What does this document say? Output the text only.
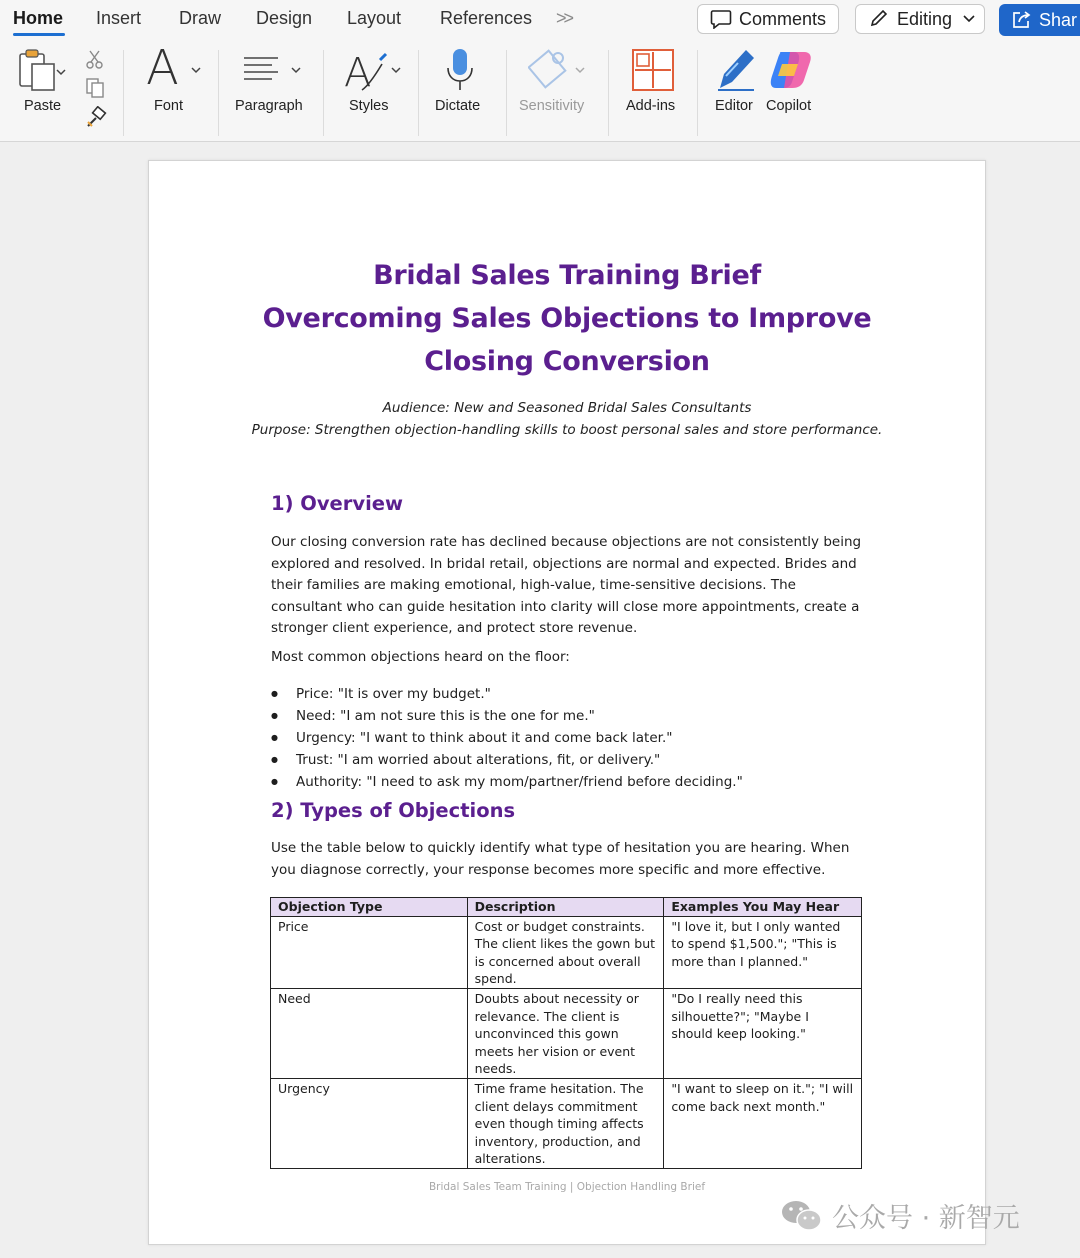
Home Insert Draw Design Layout References >>	Comments	Editing	Shar
Paste
A
Font	Paragraph
A
Styles	Dictate	Sensitivity	Add-ins	Editor Copilot
Bridal Sales Training Brief
Overcoming Sales Objections to Improve
Closing Conversion
Audience: New and Seasoned Bridal Sales Consultants
Purpose: Strengthen objection-handling skills to boost personal sales and store performance.
1) Overview
Our closing conversion rate has declined because objections are not consistently being explored and resolved. In bridal retail, objections are normal and expected. Brides and their families are making emotional, high-value, time-sensitive decisions. The consultant who can guide hesitation into clarity will close more appointments, create a stronger client experience, and protect store revenue.
Most common objections heard on the floor:
● Price: "It is over my budget."
● Need: "I am not sure this is the one for me."
● Urgency: "I want to think about it and come back later."
● Trust: "I am worried about alterations, fit, or delivery."
● Authority: "I need to ask my mom/partner/friend before deciding."
2) Types of Objections
Use the table below to quickly identify what type of hesitation you are hearing. When you diagnose correctly, your response becomes more specific and more effective.
Objection Type	Description	Examples You May Hear
Price	Cost or budget constraints. The client likes the gown but is concerned about overall spend.	"I love it, but I only wanted to spend $1,500."; "This is more than I planned."
Need	Doubts about necessity or relevance. The client is unconvinced this gown meets her vision or event needs.	"Do I really need this silhouette?"; "Maybe I should keep looking."
Urgency	Time frame hesitation. The client delays commitment even though timing affects inventory, production, and alterations.	"I want to sleep on it."; "I will come back next month."
Bridal Sales Team Training | Objection Handling Brief
公众号 · 新智元
